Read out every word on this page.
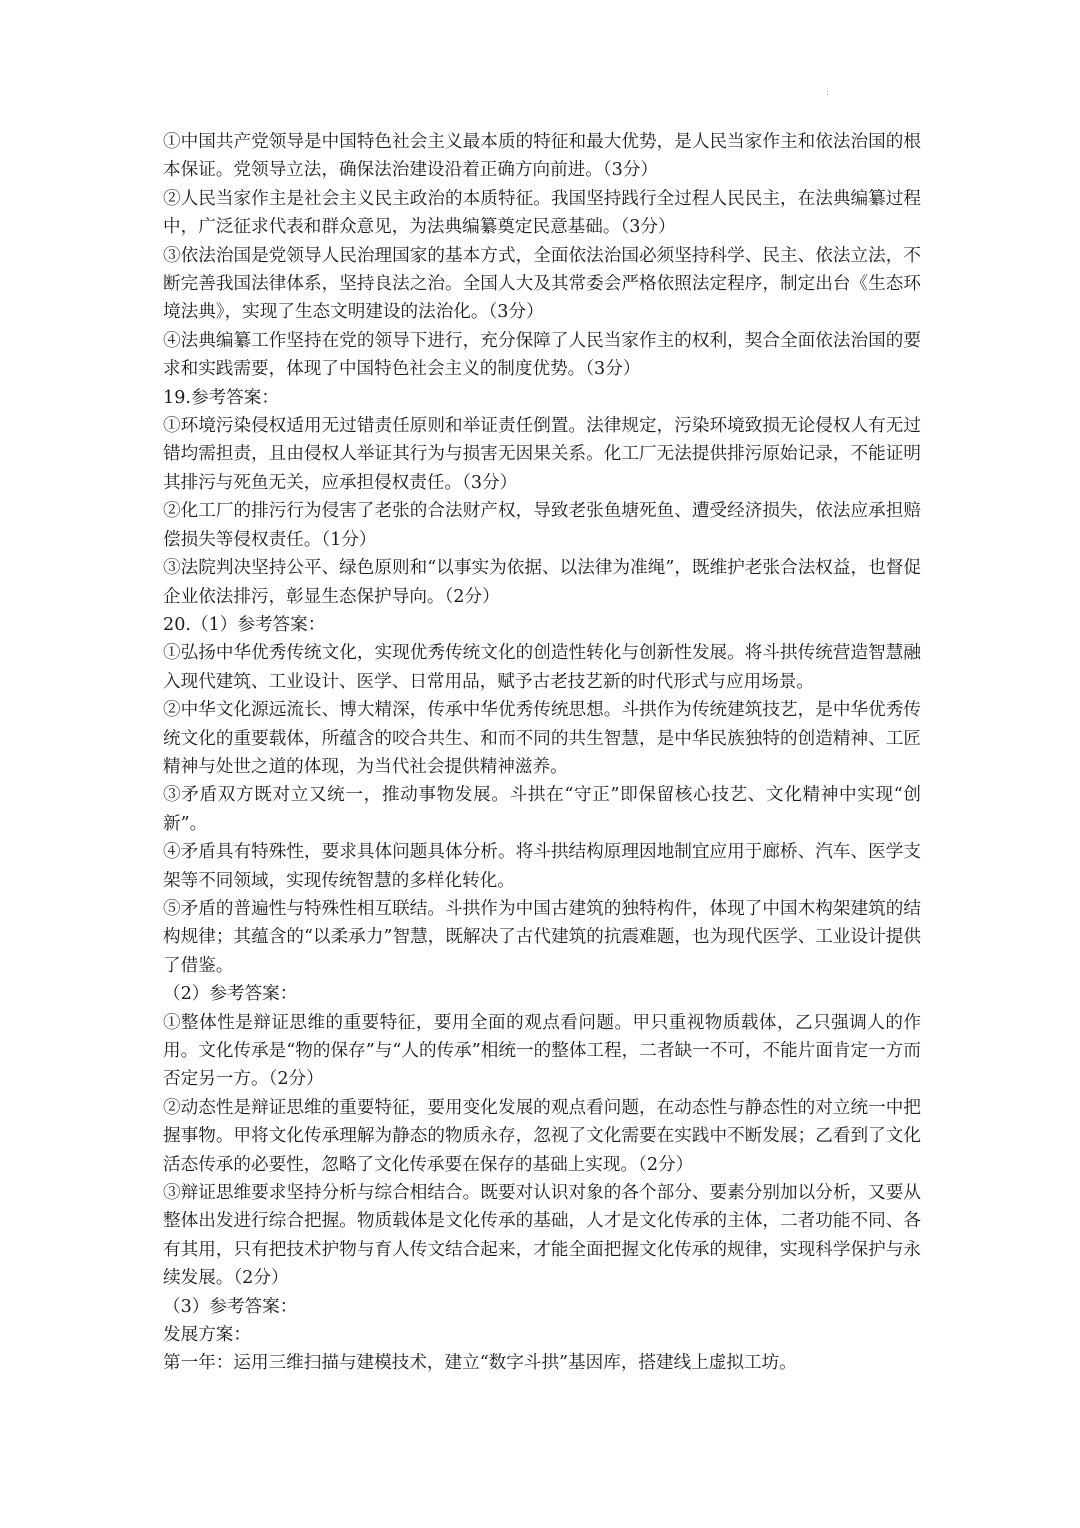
:

①中国共产党领导是中国特色社会主义最本质的特征和最大优势，是人民当家作主和依法治国的根本保证。党领导立法，确保法治建设沿着正确方向前进。（3分）

②人民当家作主是社会主义民主政治的本质特征。我国坚持践行全过程人民民主，在法典编纂过程中，广泛征求代表和群众意见，为法典编纂奠定民意基础。（3分）

③依法治国是党领导人民治理国家的基本方式，全面依法治国必须坚持科学、民主、依法立法，不断完善我国法律体系，坚持良法之治。全国人大及其常委会严格依照法定程序，制定出台《生态环境法典》，实现了生态文明建设的法治化。（3分）

④法典编纂工作坚持在党的领导下进行，充分保障了人民当家作主的权利，契合全面依法治国的要求和实践需要，体现了中国特色社会主义的制度优势。（3分）

19.参考答案：

①环境污染侵权适用无过错责任原则和举证责任倒置。法律规定，污染环境致损无论侵权人有无过错均需担责，且由侵权人举证其行为与损害无因果关系。化工厂无法提供排污原始记录，不能证明其排污与死鱼无关，应承担侵权责任。（3分）

②化工厂的排污行为侵害了老张的合法财产权，导致老张鱼塘死鱼、遭受经济损失，依法应承担赔偿损失等侵权责任。（1分）

③法院判决坚持公平、绿色原则和“以事实为依据、以法律为准绳”，既维护老张合法权益，也督促企业依法排污，彰显生态保护导向。（2分）

20.（1）参考答案：

①弘扬中华优秀传统文化，实现优秀传统文化的创造性转化与创新性发展。将斗拱传统营造智慧融入现代建筑、工业设计、医学、日常用品，赋予古老技艺新的时代形式与应用场景。

②中华文化源远流长、博大精深，传承中华优秀传统思想。斗拱作为传统建筑技艺，是中华优秀传统文化的重要载体，所蕴含的咬合共生、和而不同的共生智慧，是中华民族独特的创造精神、工匠精神与处世之道的体现，为当代社会提供精神滋养。

③矛盾双方既对立又统一，推动事物发展。斗拱在“守正”即保留核心技艺、文化精神中实现“创新”。

④矛盾具有特殊性，要求具体问题具体分析。将斗拱结构原理因地制宜应用于廊桥、汽车、医学支架等不同领域，实现传统智慧的多样化转化。

⑤矛盾的普遍性与特殊性相互联结。斗拱作为中国古建筑的独特构件，体现了中国木构架建筑的结构规律；其蕴含的“以柔承力”智慧，既解决了古代建筑的抗震难题，也为现代医学、工业设计提供了借鉴。

（2）参考答案：

①整体性是辩证思维的重要特征，要用全面的观点看问题。甲只重视物质载体，乙只强调人的作用。文化传承是“物的保存”与“人的传承”相统一的整体工程，二者缺一不可，不能片面肯定一方而否定另一方。（2分）

②动态性是辩证思维的重要特征，要用变化发展的观点看问题，在动态性与静态性的对立统一中把握事物。甲将文化传承理解为静态的物质永存，忽视了文化需要在实践中不断发展；乙看到了文化活态传承的必要性，忽略了文化传承要在保存的基础上实现。（2分）

③辩证思维要求坚持分析与综合相结合。既要对认识对象的各个部分、要素分别加以分析，又要从整体出发进行综合把握。物质载体是文化传承的基础，人才是文化传承的主体，二者功能不同、各有其用，只有把技术护物与育人传文结合起来，才能全面把握文化传承的规律，实现科学保护与永续发展。（2分）

（3）参考答案：

发展方案：

第一年：运用三维扫描与建模技术，建立“数字斗拱”基因库，搭建线上虚拟工坊。
